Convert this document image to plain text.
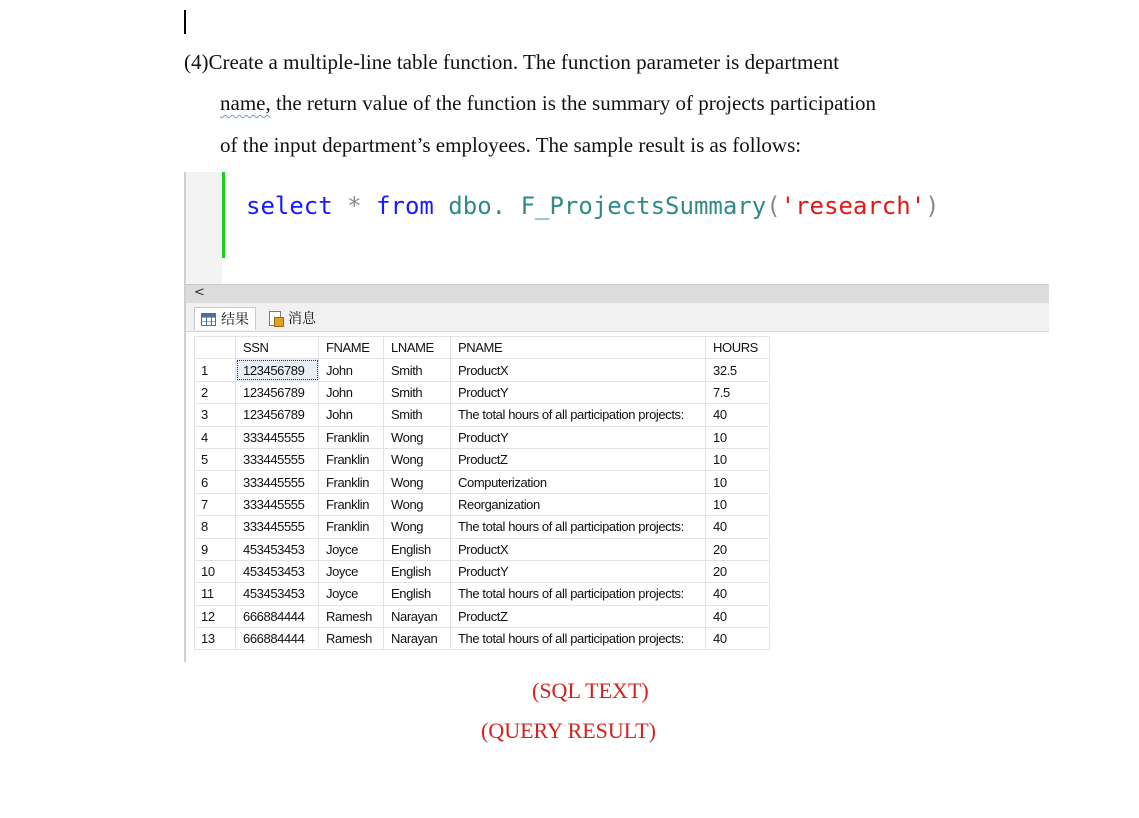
(4)Create a multiple-line table function. The function parameter is department
name, the return value of the function is the summary of projects participation
of the input department’s employees. The sample result is as follows:
select * from dbo. F_ProjectsSummary('research')
<
结果	消息
	SSN	FNAME	LNAME	PNAME	HOURS
1	123456789	John	Smith	ProductX	32.5
2	123456789	John	Smith	ProductY	7.5
3	123456789	John	Smith	The total hours of all participation projects:	40
4	333445555	Franklin	Wong	ProductY	10
5	333445555	Franklin	Wong	ProductZ	10
6	333445555	Franklin	Wong	Computerization	10
7	333445555	Franklin	Wong	Reorganization	10
8	333445555	Franklin	Wong	The total hours of all participation projects:	40
9	453453453	Joyce	English	ProductX	20
10	453453453	Joyce	English	ProductY	20
11	453453453	Joyce	English	The total hours of all participation projects:	40
12	666884444	Ramesh	Narayan	ProductZ	40
13	666884444	Ramesh	Narayan	The total hours of all participation projects:	40
(SQL TEXT)
(QUERY RESULT)
